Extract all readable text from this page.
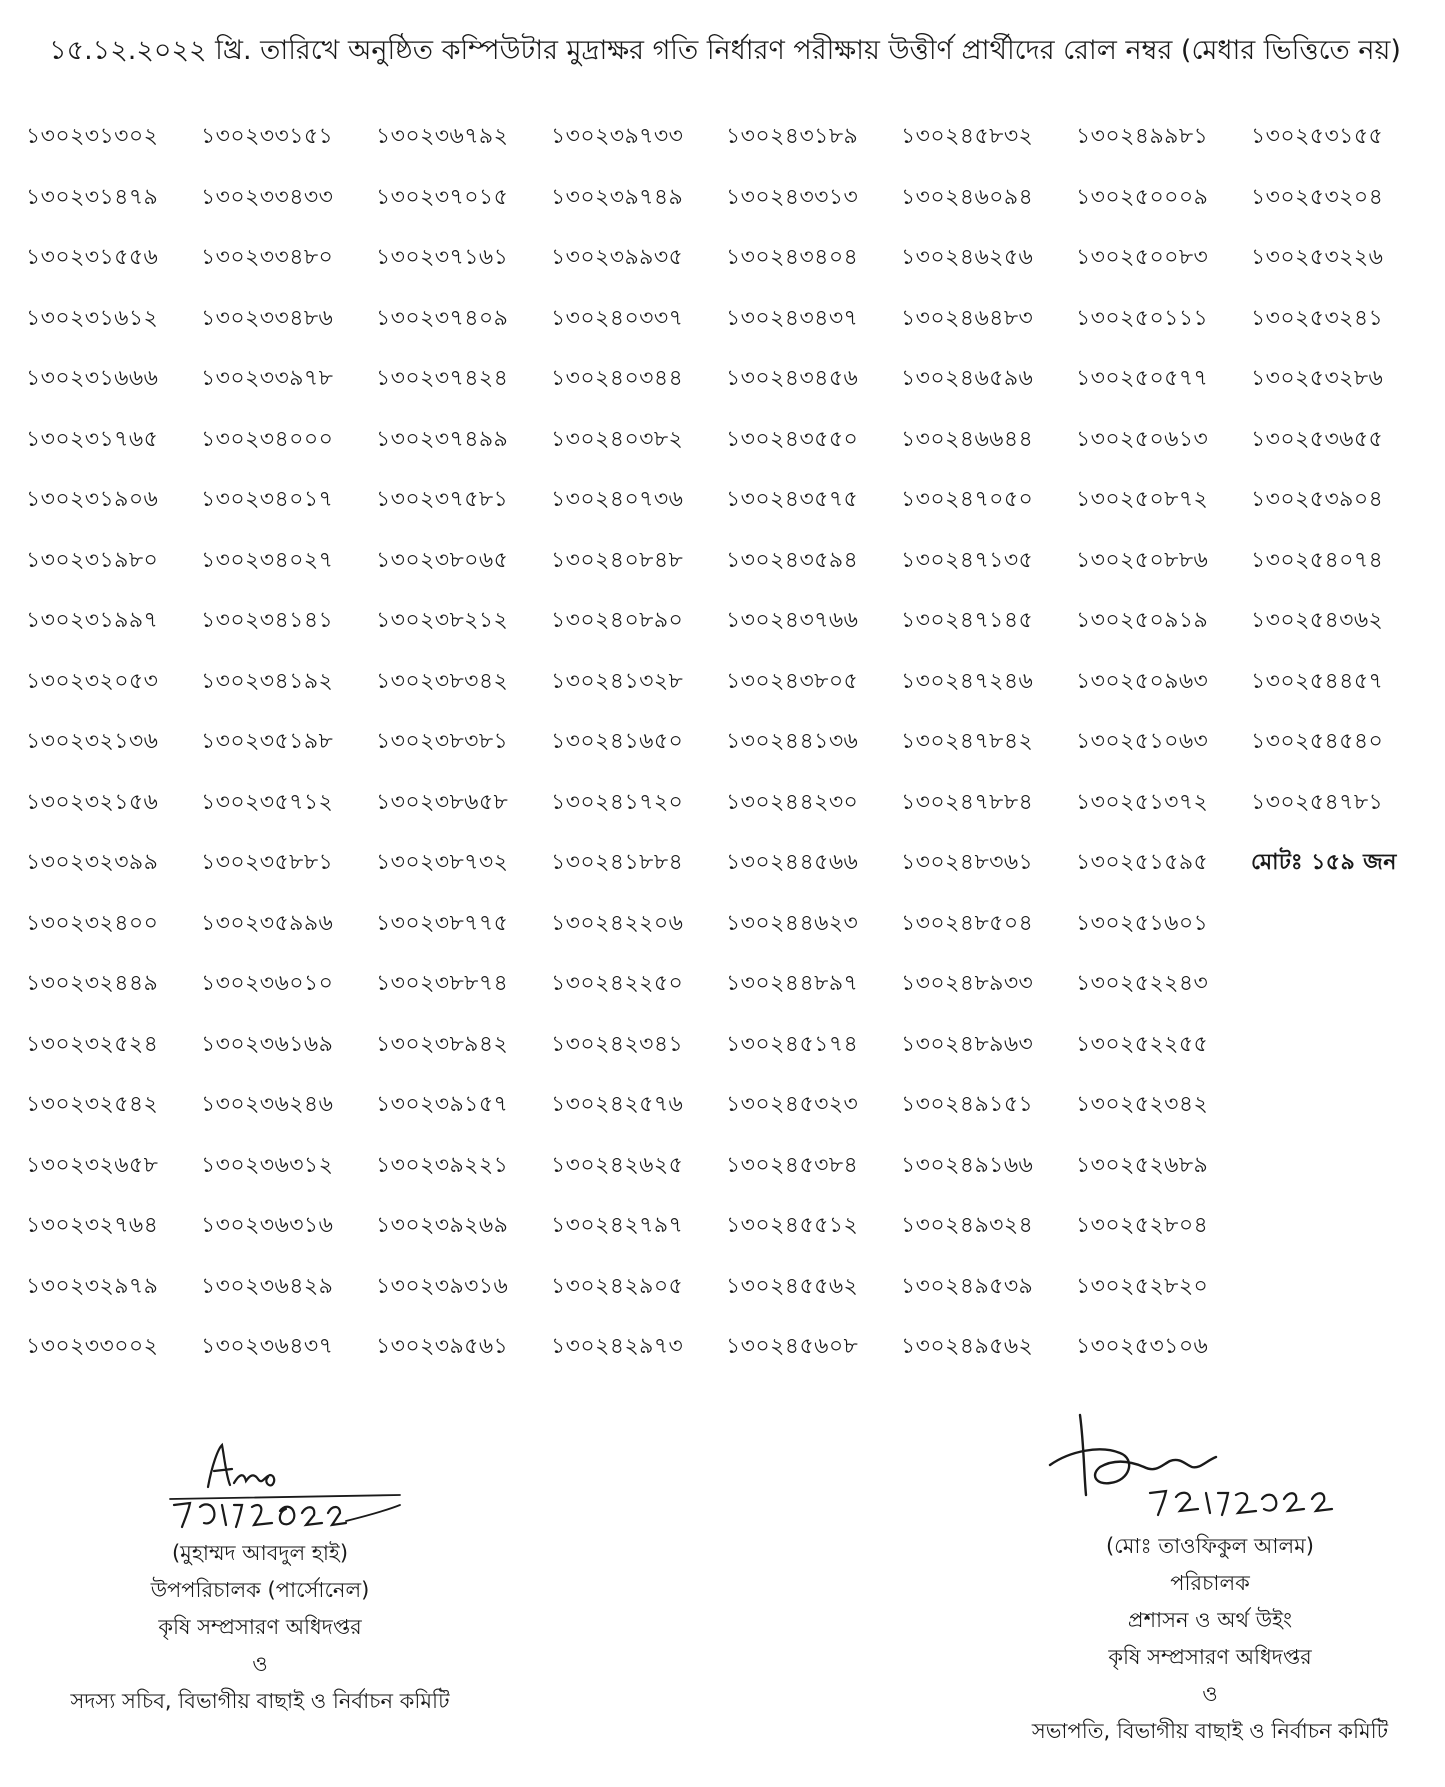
১৫.১২.২০২২ খ্রি. তারিখে অনুষ্ঠিত কম্পিউটার মুদ্রাক্ষর গতি নির্ধারণ পরীক্ষায় উত্তীর্ণ প্রার্থীদের রোল নম্বর (মেধার ভিত্তিতে নয়)
১৩০২৩১৩০২	১৩০২৩৩১৫১	১৩০২৩৬৭৯২	১৩০২৩৯৭৩৩	১৩০২৪৩১৮৯	১৩০২৪৫৮৩২	১৩০২৪৯৯৮১	১৩০২৫৩১৫৫
১৩০২৩১৪৭৯	১৩০২৩৩৪৩৩	১৩০২৩৭০১৫	১৩০২৩৯৭৪৯	১৩০২৪৩৩১৩	১৩০২৪৬০৯৪	১৩০২৫০০০৯	১৩০২৫৩২০৪
১৩০২৩১৫৫৬	১৩০২৩৩৪৮০	১৩০২৩৭১৬১	১৩০২৩৯৯৩৫	১৩০২৪৩৪০৪	১৩০২৪৬২৫৬	১৩০২৫০০৮৩	১৩০২৫৩২২৬
১৩০২৩১৬১২	১৩০২৩৩৪৮৬	১৩০২৩৭৪০৯	১৩০২৪০৩৩৭	১৩০২৪৩৪৩৭	১৩০২৪৬৪৮৩	১৩০২৫০১১১	১৩০২৫৩২৪১
১৩০২৩১৬৬৬	১৩০২৩৩৯৭৮	১৩০২৩৭৪২৪	১৩০২৪০৩৪৪	১৩০২৪৩৪৫৬	১৩০২৪৬৫৯৬	১৩০২৫০৫৭৭	১৩০২৫৩২৮৬
১৩০২৩১৭৬৫	১৩০২৩৪০০০	১৩০২৩৭৪৯৯	১৩০২৪০৩৮২	১৩০২৪৩৫৫০	১৩০২৪৬৬৪৪	১৩০২৫০৬১৩	১৩০২৫৩৬৫৫
১৩০২৩১৯০৬	১৩০২৩৪০১৭	১৩০২৩৭৫৮১	১৩০২৪০৭৩৬	১৩০২৪৩৫৭৫	১৩০২৪৭০৫০	১৩০২৫০৮৭২	১৩০২৫৩৯০৪
১৩০২৩১৯৮০	১৩০২৩৪০২৭	১৩০২৩৮০৬৫	১৩০২৪০৮৪৮	১৩০২৪৩৫৯৪	১৩০২৪৭১৩৫	১৩০২৫০৮৮৬	১৩০২৫৪০৭৪
১৩০২৩১৯৯৭	১৩০২৩৪১৪১	১৩০২৩৮২১২	১৩০২৪০৮৯০	১৩০২৪৩৭৬৬	১৩০২৪৭১৪৫	১৩০২৫০৯১৯	১৩০২৫৪৩৬২
১৩০২৩২০৫৩	১৩০২৩৪১৯২	১৩০২৩৮৩৪২	১৩০২৪১৩২৮	১৩০২৪৩৮০৫	১৩০২৪৭২৪৬	১৩০২৫০৯৬৩	১৩০২৫৪৪৫৭
১৩০২৩২১৩৬	১৩০২৩৫১৯৮	১৩০২৩৮৩৮১	১৩০২৪১৬৫০	১৩০২৪৪১৩৬	১৩০২৪৭৮৪২	১৩০২৫১০৬৩	১৩০২৫৪৫৪০
১৩০২৩২১৫৬	১৩০২৩৫৭১২	১৩০২৩৮৬৫৮	১৩০২৪১৭২০	১৩০২৪৪২৩০	১৩০২৪৭৮৮৪	১৩০২৫১৩৭২	১৩০২৫৪৭৮১
১৩০২৩২৩৯৯	১৩০২৩৫৮৮১	১৩০২৩৮৭৩২	১৩০২৪১৮৮৪	১৩০২৪৪৫৬৬	১৩০২৪৮৩৬১	১৩০২৫১৫৯৫	মোটঃ ১৫৯ জন
১৩০২৩২৪০০	১৩০২৩৫৯৯৬	১৩০২৩৮৭৭৫	১৩০২৪২২০৬	১৩০২৪৪৬২৩	১৩০২৪৮৫০৪	১৩০২৫১৬০১
১৩০২৩২৪৪৯	১৩০২৩৬০১০	১৩০২৩৮৮৭৪	১৩০২৪২২৫০	১৩০২৪৪৮৯৭	১৩০২৪৮৯৩৩	১৩০২৫২২৪৩
১৩০২৩২৫২৪	১৩০২৩৬১৬৯	১৩০২৩৮৯৪২	১৩০২৪২৩৪১	১৩০২৪৫১৭৪	১৩০২৪৮৯৬৩	১৩০২৫২২৫৫
১৩০২৩২৫৪২	১৩০২৩৬২৪৬	১৩০২৩৯১৫৭	১৩০২৪২৫৭৬	১৩০২৪৫৩২৩	১৩০২৪৯১৫১	১৩০২৫২৩৪২
১৩০২৩২৬৫৮	১৩০২৩৬৩১২	১৩০২৩৯২২১	১৩০২৪২৬২৫	১৩০২৪৫৩৮৪	১৩০২৪৯১৬৬	১৩০২৫২৬৮৯
১৩০২৩২৭৬৪	১৩০২৩৬৩১৬	১৩০২৩৯২৬৯	১৩০২৪২৭৯৭	১৩০২৪৫৫১২	১৩০২৪৯৩২৪	১৩০২৫২৮০৪
১৩০২৩২৯৭৯	১৩০২৩৬৪২৯	১৩০২৩৯৩১৬	১৩০২৪২৯০৫	১৩০২৪৫৫৬২	১৩০২৪৯৫৩৯	১৩০২৫২৮২০
১৩০২৩৩০০২	১৩০২৩৬৪৩৭	১৩০২৩৯৫৬১	১৩০২৪২৯৭৩	১৩০২৪৫৬০৮	১৩০২৪৯৫৬২	১৩০২৫৩১০৬
(মুহাম্মদ আবদুল হাই)
উপপরিচালক (পার্সোনেল)
কৃষি সম্প্রসারণ অধিদপ্তর
ও
সদস্য সচিব, বিভাগীয় বাছাই ও নির্বাচন কমিটি
(মোঃ তাওফিকুল আলম)
পরিচালক
প্রশাসন ও অর্থ উইং
কৃষি সম্প্রসারণ অধিদপ্তর
ও
সভাপতি, বিভাগীয় বাছাই ও নির্বাচন কমিটি
